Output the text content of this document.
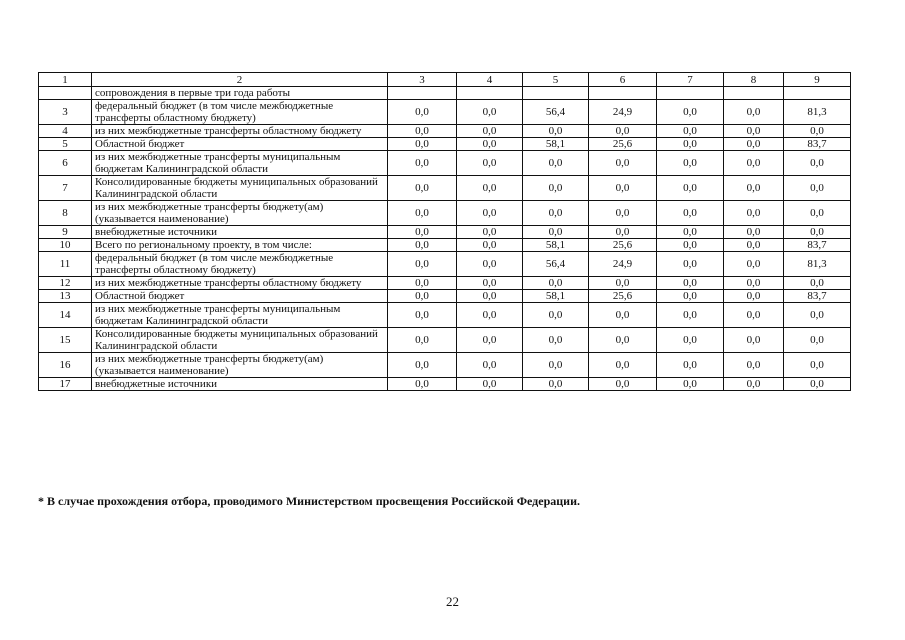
1	2	3	4	5	6	7	8	9
	сопровождения в первые три года работы							
3	федеральный бюджет (в том числе межбюджетные трансферты областному бюджету)	0,0	0,0	56,4	24,9	0,0	0,0	81,3
4	из них межбюджетные трансферты областному бюджету	0,0	0,0	0,0	0,0	0,0	0,0	0,0
5	Областной бюджет	0,0	0,0	58,1	25,6	0,0	0,0	83,7
6	из них межбюджетные трансферты муниципальным бюджетам Калининградской области	0,0	0,0	0,0	0,0	0,0	0,0	0,0
7	Консолидированные бюджеты муниципальных образований Калининградской области	0,0	0,0	0,0	0,0	0,0	0,0	0,0
8	из них межбюджетные трансферты бюджету(ам) (указывается наименование)	0,0	0,0	0,0	0,0	0,0	0,0	0,0
9	внебюджетные источники	0,0	0,0	0,0	0,0	0,0	0,0	0,0
10	Всего по региональному проекту, в том числе:	0,0	0,0	58,1	25,6	0,0	0,0	83,7
11	федеральный бюджет (в том числе межбюджетные трансферты областному бюджету)	0,0	0,0	56,4	24,9	0,0	0,0	81,3
12	из них межбюджетные трансферты областному бюджету	0,0	0,0	0,0	0,0	0,0	0,0	0,0
13	Областной бюджет	0,0	0,0	58,1	25,6	0,0	0,0	83,7
14	из них межбюджетные трансферты муниципальным бюджетам Калининградской области	0,0	0,0	0,0	0,0	0,0	0,0	0,0
15	Консолидированные бюджеты муниципальных образований Калининградской области	0,0	0,0	0,0	0,0	0,0	0,0	0,0
16	из них межбюджетные трансферты бюджету(ам) (указывается наименование)	0,0	0,0	0,0	0,0	0,0	0,0	0,0
17	внебюджетные источники	0,0	0,0	0,0	0,0	0,0	0,0	0,0
* В случае прохождения отбора, проводимого Министерством просвещения Российской Федерации.
22
